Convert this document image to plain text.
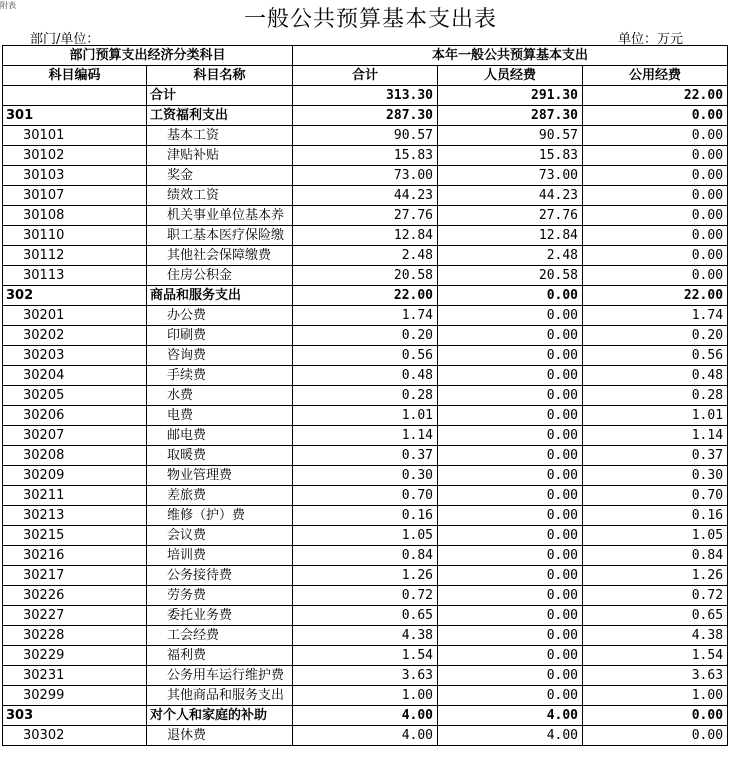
附表
一般公共预算基本支出表
部门/单位：	单位：万元
部门预算支出经济分类科目		本年一般公共预算基本支出		
科目编码	科目名称	合计	人员经费	公用经费
	合计	313.30	291.30	22.00
301	工资福利支出	287.30	287.30	0.00
30101	基本工资	90.57	90.57	0.00
30102	津贴补贴	15.83	15.83	0.00
30103	奖金	73.00	73.00	0.00
30107	绩效工资	44.23	44.23	0.00
30108	机关事业单位基本养	27.76	27.76	0.00
30110	职工基本医疗保险缴	12.84	12.84	0.00
30112	其他社会保障缴费	2.48	2.48	0.00
30113	住房公积金	20.58	20.58	0.00
302	商品和服务支出	22.00	0.00	22.00
30201	办公费	1.74	0.00	1.74
30202	印刷费	0.20	0.00	0.20
30203	咨询费	0.56	0.00	0.56
30204	手续费	0.48	0.00	0.48
30205	水费	0.28	0.00	0.28
30206	电费	1.01	0.00	1.01
30207	邮电费	1.14	0.00	1.14
30208	取暖费	0.37	0.00	0.37
30209	物业管理费	0.30	0.00	0.30
30211	差旅费	0.70	0.00	0.70
30213	维修（护）费	0.16	0.00	0.16
30215	会议费	1.05	0.00	1.05
30216	培训费	0.84	0.00	0.84
30217	公务接待费	1.26	0.00	1.26
30226	劳务费	0.72	0.00	0.72
30227	委托业务费	0.65	0.00	0.65
30228	工会经费	4.38	0.00	4.38
30229	福利费	1.54	0.00	1.54
30231	公务用车运行维护费	3.63	0.00	3.63
30299	其他商品和服务支出	1.00	0.00	1.00
303	对个人和家庭的补助	4.00	4.00	0.00
30302	退休费	4.00	4.00	0.00
